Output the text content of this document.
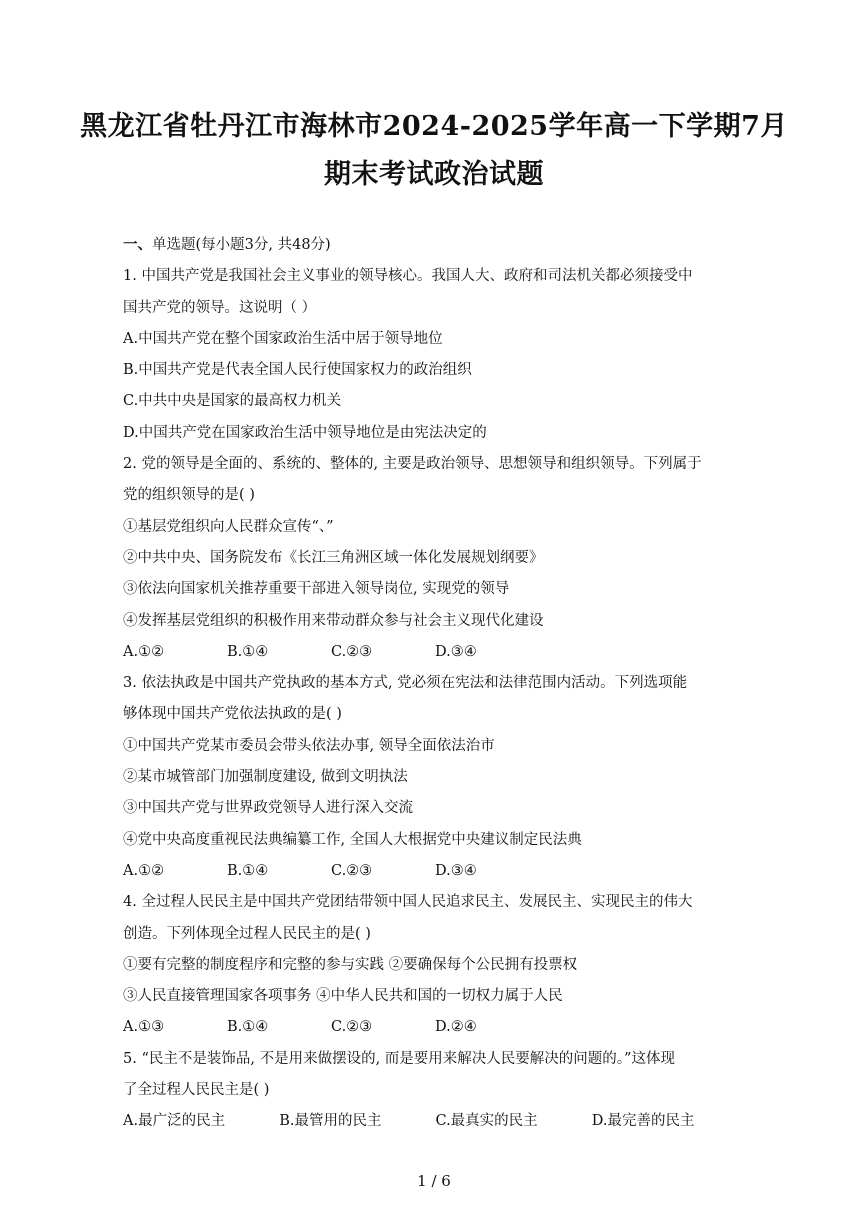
黑龙江省牡丹江市海林市2024-2025学年高一下学期7月
期末考试政治试题
一、单选题(每小题3分, 共48分)
1. 中国共产党是我国社会主义事业的领导核心。我国人大、政府和司法机关都必须接受中
国共产党的领导。这说明（ ）
A.中国共产党在整个国家政治生活中居于领导地位
B.中国共产党是代表全国人民行使国家权力的政治组织
C.中共中央是国家的最高权力机关
D.中国共产党在国家政治生活中领导地位是由宪法决定的
2. 党的领导是全面的、系统的、整体的, 主要是政治领导、思想领导和组织领导。下列属于
党的组织领导的是( )
①基层党组织向人民群众宣传“、”
②中共中央、国务院发布《长江三角洲区域一体化发展规划纲要》
③依法向国家机关推荐重要干部进入领导岗位, 实现党的领导
④发挥基层党组织的积极作用来带动群众参与社会主义现代化建设
A.①②	B.①④	C.②③	D.③④
3. 依法执政是中国共产党执政的基本方式, 党必须在宪法和法律范围内活动。下列选项能
够体现中国共产党依法执政的是( )
①中国共产党某市委员会带头依法办事, 领导全面依法治市
②某市城管部门加强制度建设, 做到文明执法
③中国共产党与世界政党领导人进行深入交流
④党中央高度重视民法典编纂工作, 全国人大根据党中央建议制定民法典
A.①②	B.①④	C.②③	D.③④
4. 全过程人民民主是中国共产党团结带领中国人民追求民主、发展民主、实现民主的伟大
创造。下列体现全过程人民民主的是( )
①要有完整的制度程序和完整的参与实践 ②要确保每个公民拥有投票权
③人民直接管理国家各项事务 ④中华人民共和国的一切权力属于人民
A.①③	B.①④	C.②③	D.②④
5. “民主不是装饰品, 不是用来做摆设的, 而是要用来解决人民要解决的问题的。”这体现
了全过程人民民主是( )
A.最广泛的民主	B.最管用的民主	C.最真实的民主	D.最完善的民主
1 / 6
